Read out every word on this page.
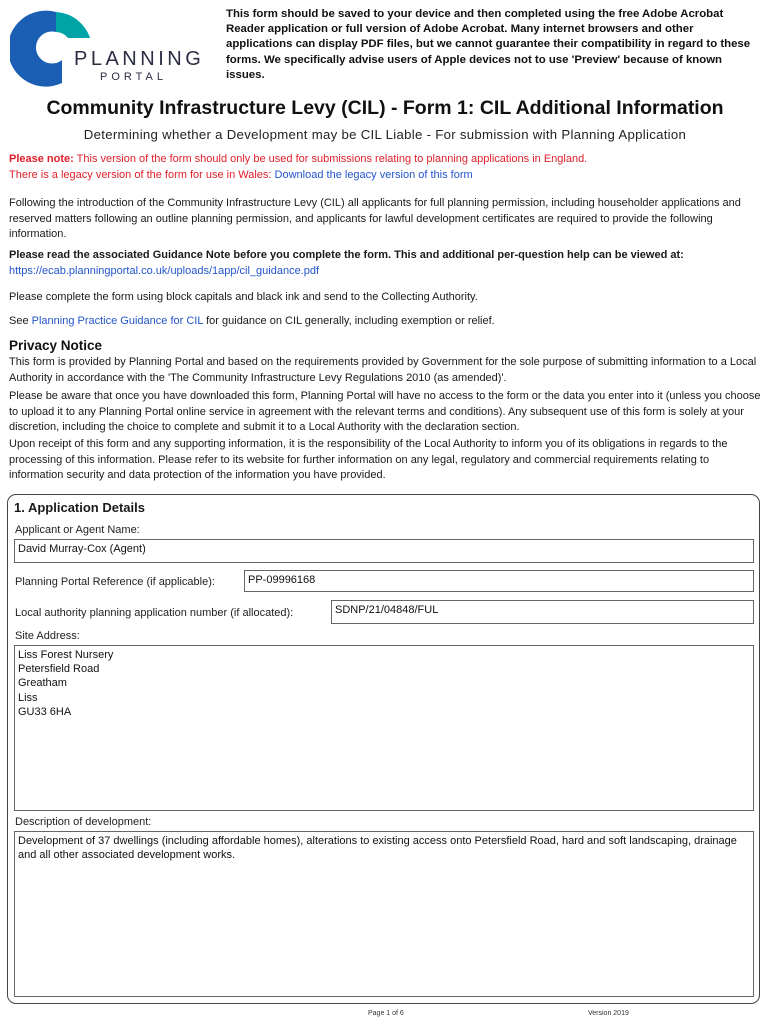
PLANNING
PORTAL
This form should be saved to your device and then completed using the free Adobe Acrobat Reader application or full version of Adobe Acrobat. Many internet browsers and other applications can display PDF files, but we cannot guarantee their compatibility in regard to these forms. We specifically advise users of Apple devices not to use 'Preview' because of known issues.
Community Infrastructure Levy (CIL) - Form 1: CIL Additional Information
Determining whether a Development may be CIL Liable - For submission with Planning Application
Please note: This version of the form should only be used for submissions relating to planning applications in England.
There is a legacy version of the form for use in Wales: Download the legacy version of this form
Following the introduction of the Community Infrastructure Levy (CIL) all applicants for full planning permission, including householder applications and reserved matters following an outline planning permission, and applicants for lawful development certificates are required to provide the following information.
Please read the associated Guidance Note before you complete the form. This and additional per-question help can be viewed at:
https://ecab.planningportal.co.uk/uploads/1app/cil_guidance.pdf
Please complete the form using block capitals and black ink and send to the Collecting Authority.
See Planning Practice Guidance for CIL for guidance on CIL generally, including exemption or relief.
Privacy Notice
This form is provided by Planning Portal and based on the requirements provided by Government for the sole purpose of submitting information to a Local Authority in accordance with the 'The Community Infrastructure Levy Regulations 2010 (as amended)'.
Please be aware that once you have downloaded this form, Planning Portal will have no access to the form or the data you enter into it (unless you choose to upload it to any Planning Portal online service in agreement with the relevant terms and conditions). Any subsequent use of this form is solely at your discretion, including the choice to complete and submit it to a Local Authority with the declaration section.
Upon receipt of this form and any supporting information, it is the responsibility of the Local Authority to inform you of its obligations in regards to the processing of this information. Please refer to its website for further information on any legal, regulatory and commercial requirements relating to information security and data protection of the information you have provided.
1. Application Details
Applicant or Agent Name:
David Murray-Cox (Agent)
Planning Portal Reference (if applicable):	PP-09996168
Local authority planning application number (if allocated):	SDNP/21/04848/FUL
Site Address:
Liss Forest Nursery
Petersfield Road
Greatham
Liss
GU33 6HA
Description of development:
Development of 37 dwellings (including affordable homes), alterations to existing access onto Petersfield Road, hard and soft landscaping, drainage and all other associated development works.
Page 1 of 6	Version 2019
